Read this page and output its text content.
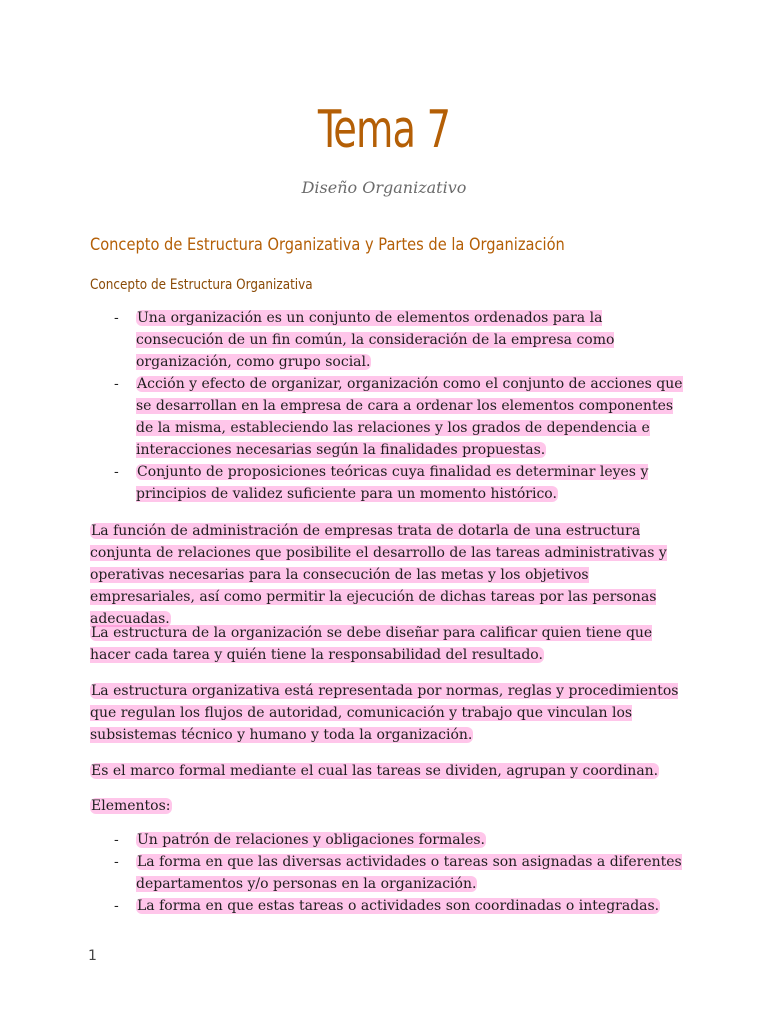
Tema 7
Diseño Organizativo
Concepto de Estructura Organizativa y Partes de la Organización
Concepto de Estructura Organizativa
- Una organización es un conjunto de elementos ordenados para la consecución de un fin común, la consideración de la empresa como organización, como grupo social.
- Acción y efecto de organizar, organización como el conjunto de acciones que se desarrollan en la empresa de cara a ordenar los elementos componentes de la misma, estableciendo las relaciones y los grados de dependencia e interacciones necesarias según la finalidades propuestas.
- Conjunto de proposiciones teóricas cuya finalidad es determinar leyes y principios de validez suficiente para un momento histórico.

La función de administración de empresas trata de dotarla de una estructura conjunta de relaciones que posibilite el desarrollo de las tareas administrativas y operativas necesarias para la consecución de las metas y los objetivos empresariales, así como permitir la ejecución de dichas tareas por las personas adecuadas.

La estructura de la organización se debe diseñar para calificar quien tiene que hacer cada tarea y quién tiene la responsabilidad del resultado.

La estructura organizativa está representada por normas, reglas y procedimientos que regulan los flujos de autoridad, comunicación y trabajo que vinculan los subsistemas técnico y humano y toda la organización.

Es el marco formal mediante el cual las tareas se dividen, agrupan y coordinan.

Elementos:

- Un patrón de relaciones y obligaciones formales.
- La forma en que las diversas actividades o tareas son asignadas a diferentes departamentos y/o personas en la organización.
- La forma en que estas tareas o actividades son coordinadas o integradas.
1
